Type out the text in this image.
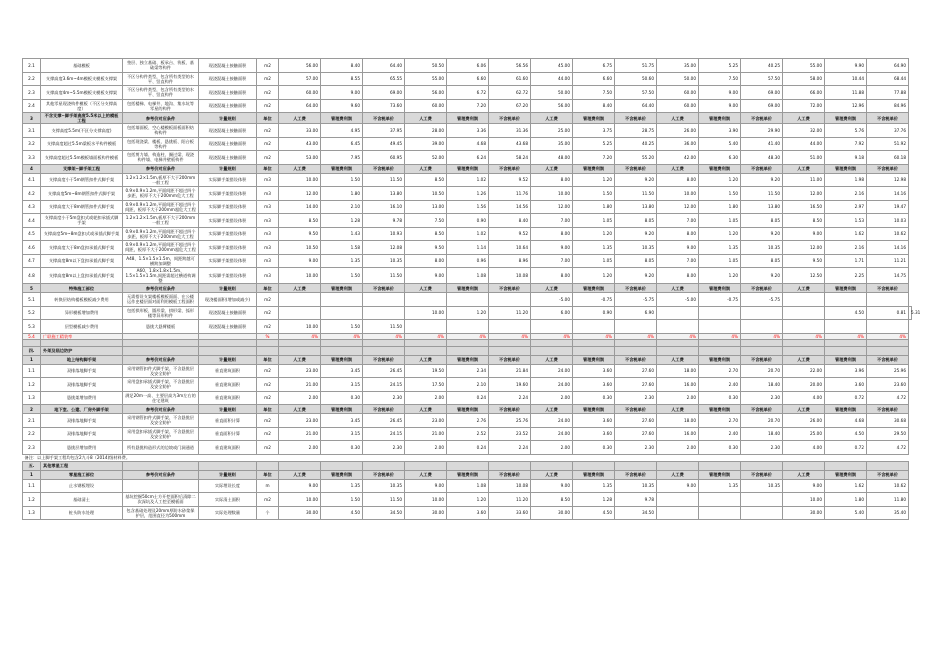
2.1	基础模板	垫层、独立基础、板承台、筏板、基础梁等构件	现浇混凝土接触面积	m2	56.00	8.40	64.40	50.50	6.06	56.56	45.00	6.75	51.75	35.00	5.25	40.25	55.00	9.90	64.90	
2.2	支撑高度3.6m~4m模板支模板支撑架	不区分构件类型，包含所有类型的水平、竖直构件	现浇混凝土接触面积	m2	57.00	8.55	65.55	55.00	6.60	61.60	44.00	6.60	50.60	50.00	7.50	57.50	58.00	10.44	68.44	
2.3	支撑高度4m~5.5m模板支模板支撑架	不区分构件类型，包含所有类型的水平、竖直构件	现浇混凝土接触面积	m2	60.00	9.00	69.00	56.00	6.72	62.72	50.00	7.50	57.50	60.00	9.00	69.00	66.00	11.88	77.88	
2.4	其他零星现浇构件模板（不区分支撑高度）	包括楼梯、电梯井、地沟、集水坑等零星的构件	现浇混凝土接触面积	m2	64.00	9.60	73.60	60.00	7.20	67.20	56.00	8.40	64.40	60.00	9.00	69.00	72.00	12.96	84.96	
3	不含支撑~脚手架高度5.5米以上的模板工程	参考价对应条件	计量规则	单位	人工费	管理费利润	不含税单价	人工费	管理费利润	不含税单价	人工费	管理费利润	不含税单价	人工费	管理费利润	不含税单价	人工费	管理费利润	不含税单价	
3.1	支撑高度5.5m(不区分支撑高度)	包括墙面板、空心楼模板面板面积结构构件	现浇混凝土接触面积	m2	33.00	4.95	37.95	28.00	3.36	31.36	25.00	3.75	28.75	26.00	3.90	29.90	32.00	5.76	37.76	
3.2	支撑高度超过5.5m梁板水平构件模板	包括现浇梁、楼板、悬挑板、阳台板等构件	现浇混凝土接触面积	m2	43.00	6.45	49.45	39.00	4.68	43.68	35.00	5.25	40.25	36.00	5.40	41.40	44.00	7.92	51.92	
3.3	支撑高度超过5.5m模板墙面板构件模板	包括剪力墙、构造柱、圈过梁、现浇构件墙、电梯井壁板构件	现浇混凝土接触面积	m2	53.00	7.95	60.95	52.00	6.24	58.24	48.00	7.20	55.20	42.00	6.30	48.30	51.00	9.18	60.18	
4	支撑架~脚手架工程	参考价对应条件	计量规则	单位	人工费	管理费利润	不含税单价	人工费	管理费利润	不含税单价	人工费	管理费利润	不含税单价	人工费	管理费利润	不含税单价	人工费	管理费利润	不含税单价	
4.1	支撑高度小于5m钢管扣件式脚手架	1.2×1.2×1.5m,板厚不大于200mm一般工程	实际脚手架搭设体积	m3	10.00	1.50	11.50	8.50	1.02	9.52	8.00	1.20	9.20	8.00	1.20	9.20	11.00	1.98	12.98	
4.2	支撑高度5m~8m钢管扣件式脚手架	0.9×0.9×1.2m,平面间距不超过四个步距，板厚不大于200mm危大工程	实际脚手架搭设体积	m3	12.00	1.80	13.80	10.50	1.26	11.76	10.00	1.50	11.50	10.00	1.50	11.50	12.00	2.16	14.16	
4.3	支撑高度大于8m钢管扣件式脚手架	0.9×0.9×1.2m,平面间距不超过四个间距，板厚不大于200mm超危大工程	实际脚手架搭设体积	m3	14.00	2.10	16.10	13.00	1.56	14.56	12.00	1.80	13.80	12.00	1.80	13.80	16.50	2.97	19.47	
4.4	支撑高度小于5m盘扣式或轮扣承插式脚手架	1.2×1.2×1.5m,板厚不大于200mm一般工程	实际脚手架搭设体积	m3	8.50	1.28	9.78	7.50	0.90	8.40	7.00	1.05	8.05	7.00	1.05	8.05	8.50	1.53	10.03	
4.5	支撑高度5m~8m盘扣式或承插式脚手架	0.9×0.9×1.2m,平面间距不超过四个步距，板厚不大于200mm危大工程	实际脚手架搭设体积	m3	9.50	1.43	10.93	8.50	1.02	9.52	8.00	1.20	9.20	8.00	1.20	9.20	9.00	1.62	10.62	
4.6	支撑高度大于8m盘扣承插式脚手架	0.9×0.9×1.2m,平面间距不超过四个间距，板厚不大于200mm超危大工程	实际脚手架搭设体积	m3	10.50	1.58	12.08	9.50	1.14	10.64	9.00	1.35	10.35	9.00	1.35	10.35	12.00	2.16	14.16	
4.7	支撑高度8m以下盘扣承插式脚手架	A48、1.5×1.5×1.5m，间距跨越可横跨加调整	实际脚手架搭设体积	m3	9.00	1.35	10.35	8.00	0.96	8.96	7.00	1.05	8.05	7.00	1.05	8.05	9.50	1.71	11.21	
4.8	支撑高度8m以上盘扣承插式脚手架	A60、1.8×1.8×1.5m、1.5×1.5×1.5m,间距需超过横道构调整	实际脚手架搭设体积	m3	10.00	1.50	11.50	9.00	1.08	10.08	8.00	1.20	9.20	8.00	1.20	9.20	12.50	2.25	14.75	
5	特殊施工部位	参考价对应条件	计量规则	单位	人工费	管理费利润	不含税单价	人工费	管理费利润	不含税单价	人工费	管理费利润	不含税单价	人工费	管理费利润	不含税单价	人工费	管理费利润	不含税单价	
5.1	转换层结构楼板模板减少费用	无需搭设支架楼板模板面面、在公楼运作史楼层面对面利用模板工程面积	现浇楼面积(增加或减少)	m2							-5.00	-0.75	-5.75	-5.00	-0.75	-5.75				
5.2	异形模板增加费用	包括拱形板、圆形梁、拱形梁、弧形楼等异形构件	现浇混凝土接触面积	m2				10.00	1.20	11.20	6.00	0.90	6.90					4.50	0.81	5.31
5.3	层型模板减少费用	悬挑大悬臂楼板	现浇混凝土接触面积	m2	10.00	1.50	11.50													
5.4	广联施工精装率			%	4%	4%	4%	4%	4%	4%	4%	4%	4%	4%	4%	4%	4%	4%	4%	

四.	外架及临边防护																			
1	地上结构脚手架	参考价对应条件	计量规则	单位	人工费	管理费利润	不含税单价	人工费	管理费利润	不含税单价	人工费	管理费利润	不含税单价	人工费	管理费利润	不含税单价	人工费	管理费利润	不含税单价	
1.1	双排落地脚手架	采用钢管扣件式脚手架、不含悬挑层及安全防护	垂直建筑面积	m2	23.00	3.45	26.45	19.50	2.34	21.84	24.00	3.60	27.60	18.00	2.70	20.70	22.00	3.96	25.96	
1.2	双排落地脚手架	采用盘扣承插式脚手架、不含悬挑层及安全防护	垂直建筑面积	m2	21.00	3.15	24.15	17.50	2.10	19.60	24.00	3.60	27.60	16.00	2.40	18.40	20.00	3.60	23.60	
1.3	悬挑架增加费用	满足20m一高、主要层高为3m左右的住宅建筑	垂直建筑面积	m2	2.00	0.30	2.30	2.00	0.24	2.24	2.00	0.30	2.30	2.00	0.30	2.30	4.00	0.72	4.72	
2	地下室、公建、厂房外脚手架	参考价对应条件	计量规则	单位	人工费	管理费利润	不含税单价	人工费	管理费利润	不含税单价	人工费	管理费利润	不含税单价	人工费	管理费利润	不含税单价	人工费	管理费利润	不含税单价	
2.1	双排落地脚手架	采用钢管扣件式脚手架、不含悬挑层及安全防护	垂直面积计算	m2	23.00	3.45	26.45	23.00	2.76	25.76	24.00	3.60	27.60	18.00	2.70	20.70	26.00	4.68	30.68	
2.2	双排落地脚手架	采用盘扣承插式脚手架、不含悬挑层及安全防护	垂直面积计算	m2	21.00	3.15	24.15	21.00	2.52	23.52	24.00	3.60	27.60	16.00	2.40	18.40	25.00	4.50	29.50	
2.3	悬挑层增加费用	所有悬挑构造形式的边坡或门洞通道	垂直建筑面积	m2	2.00	0.30	2.30	2.00	0.24	2.24	2.00	0.30	2.30	2.00	0.30	2.30	4.00	0.72	4.72	
备注：以上脚手架工程均包含2九斗8（2014)级材料费。																				
五.	其他零星工程																			
1	零星施工部位	参考价对应条件	计量规则	单位	人工费	管理费利润	不含税单价	人工费	管理费利润	不含税单价	人工费	管理费利润	不含税单价	人工费	管理费利润	不含税单价	人工费	管理费利润	不含税单价	
1.1	止水钢板埋设		实际埋设长度	m	9.00	1.35	10.35	9.00	1.08	10.08	9.00	1.35	10.35	9.00	1.35	10.35	9.00	1.62	10.62	
1.2	基础清土	基坑挖掘50cm土方开挖面积后清除二次深坑及人工挖至模板面	实际清土面积	m2	10.00	1.50	11.50	10.00	1.20	11.20	8.50	1.28	9.78				10.00	1.80	11.80	
1.3	桩头防水处理	包含基础处理及20mm厚防水砂浆保护层，范围直径为500mm	实际处理数量	个	30.00	4.50	34.50	30.00	3.60	33.60	30.00	4.50	34.50				30.00	5.40	35.40	
